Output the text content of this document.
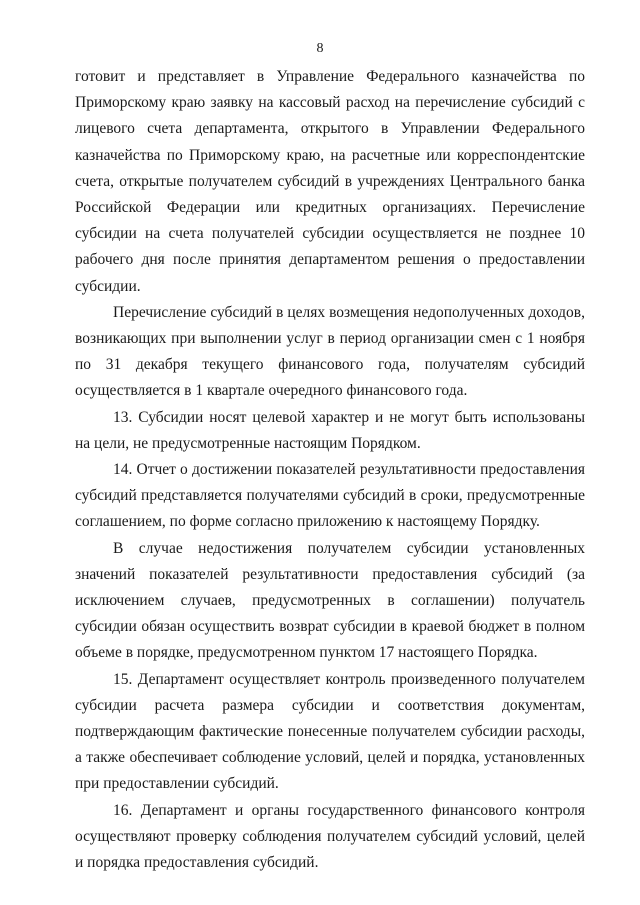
8

готовит и представляет в Управление Федерального казначейства по Приморскому краю заявку на кассовый расход на перечисление субсидий с лицевого счета департамента, открытого в Управлении Федерального казначейства по Приморскому краю, на расчетные или корреспондентские счета, открытые получателем субсидий в учреждениях Центрального банка Российской Федерации или кредитных организациях. Перечисление субсидии на счета получателей субсидии осуществляется не позднее 10 рабочего дня после принятия департаментом решения о предоставлении субсидии.

Перечисление субсидий в целях возмещения недополученных доходов, возникающих при выполнении услуг в период организации смен с 1 ноября по 31 декабря текущего финансового года, получателям субсидий осуществляется в 1 квартале очередного финансового года.

13. Субсидии носят целевой характер и не могут быть использованы на цели, не предусмотренные настоящим Порядком.

14. Отчет о достижении показателей результативности предоставления субсидий представляется получателями субсидий в сроки, предусмотренные соглашением, по форме согласно приложению к настоящему Порядку.

В случае недостижения получателем субсидии установленных значений показателей результативности предоставления субсидий (за исключением случаев, предусмотренных в соглашении) получатель субсидии обязан осуществить возврат субсидии в краевой бюджет в полном объеме в порядке, предусмотренном пунктом 17 настоящего Порядка.

15. Департамент осуществляет контроль произведенного получателем субсидии расчета размера субсидии и соответствия документам, подтверждающим фактические понесенные получателем субсидии расходы, а также обеспечивает соблюдение условий, целей и порядка, установленных при предоставлении субсидий.

16. Департамент и органы государственного финансового контроля осуществляют проверку соблюдения получателем субсидий условий, целей и порядка предоставления субсидий.
